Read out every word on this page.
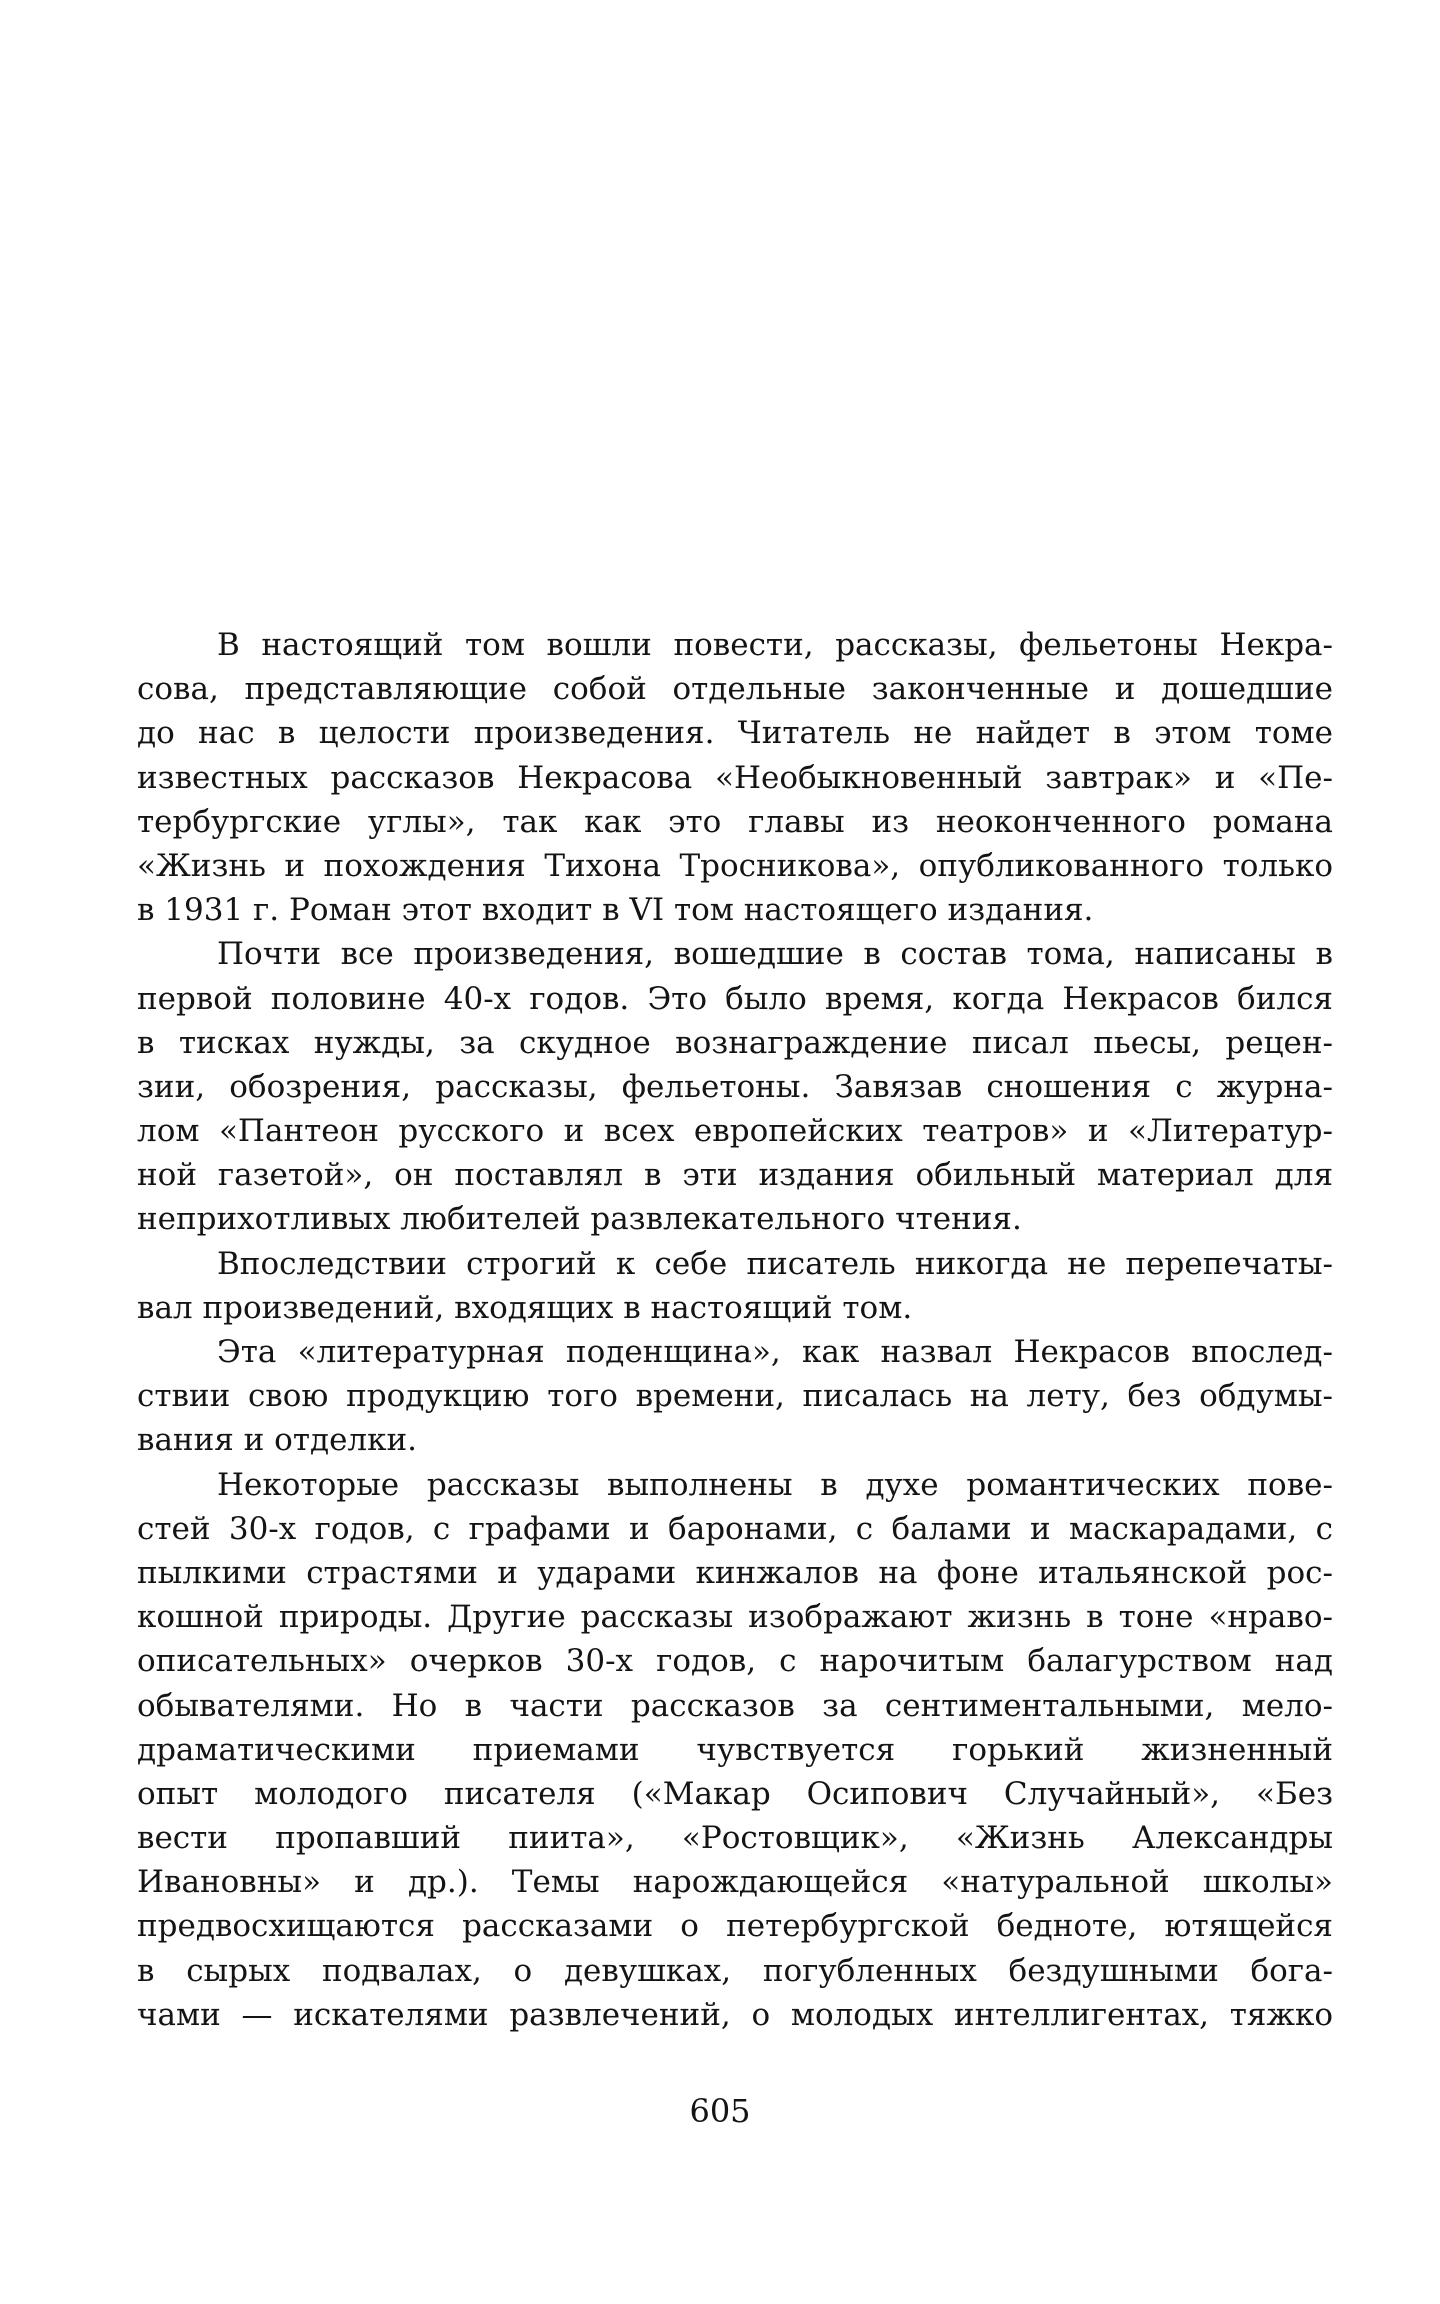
В настоящий том вошли повести, рассказы, фельетоны Некра-
сова, представляющие собой отдельные законченные и дошедшие
до нас в целости произведения. Читатель не найдет в этом томе
известных рассказов Некрасова «Необыкновенный завтрак» и «Пе-
тербургские углы», так как это главы из неоконченного романа
«Жизнь и похождения Тихона Тросникова», опубликованного только
в 1931 г. Роман этот входит в VI том настоящего издания.
Почти все произведения, вошедшие в состав тома, написаны в
первой половине 40-х годов. Это было время, когда Некрасов бился
в тисках нужды, за скудное вознаграждение писал пьесы, рецен-
зии, обозрения, рассказы, фельетоны. Завязав сношения с журна-
лом «Пантеон русского и всех европейских театров» и «Литератур-
ной газетой», он поставлял в эти издания обильный материал для
неприхотливых любителей развлекательного чтения.
Впоследствии строгий к себе писатель никогда не перепечаты-
вал произведений, входящих в настоящий том.
Эта «литературная поденщина», как назвал Некрасов впослед-
ствии свою продукцию того времени, писалась на лету, без обдумы-
вания и отделки.
Некоторые рассказы выполнены в духе романтических пове-
стей 30-х годов, с графами и баронами, с балами и маскарадами, с
пылкими страстями и ударами кинжалов на фоне итальянской рос-
кошной природы. Другие рассказы изображают жизнь в тоне «нраво-
описательных» очерков 30-х годов, с нарочитым балагурством над
обывателями. Но в части рассказов за сентиментальными, мело-
драматическими приемами чувствуется горький жизненный
опыт молодого писателя («Макар Осипович Случайный», «Без
вести пропавший пиита», «Ростовщик», «Жизнь Александры
Ивановны» и др.). Темы нарождающейся «натуральной школы»
предвосхищаются рассказами о петербургской бедноте, ютящейся
в сырых подвалах, о девушках, погубленных бездушными бога-
чами — искателями развлечений, о молодых интеллигентах, тяжко
605
